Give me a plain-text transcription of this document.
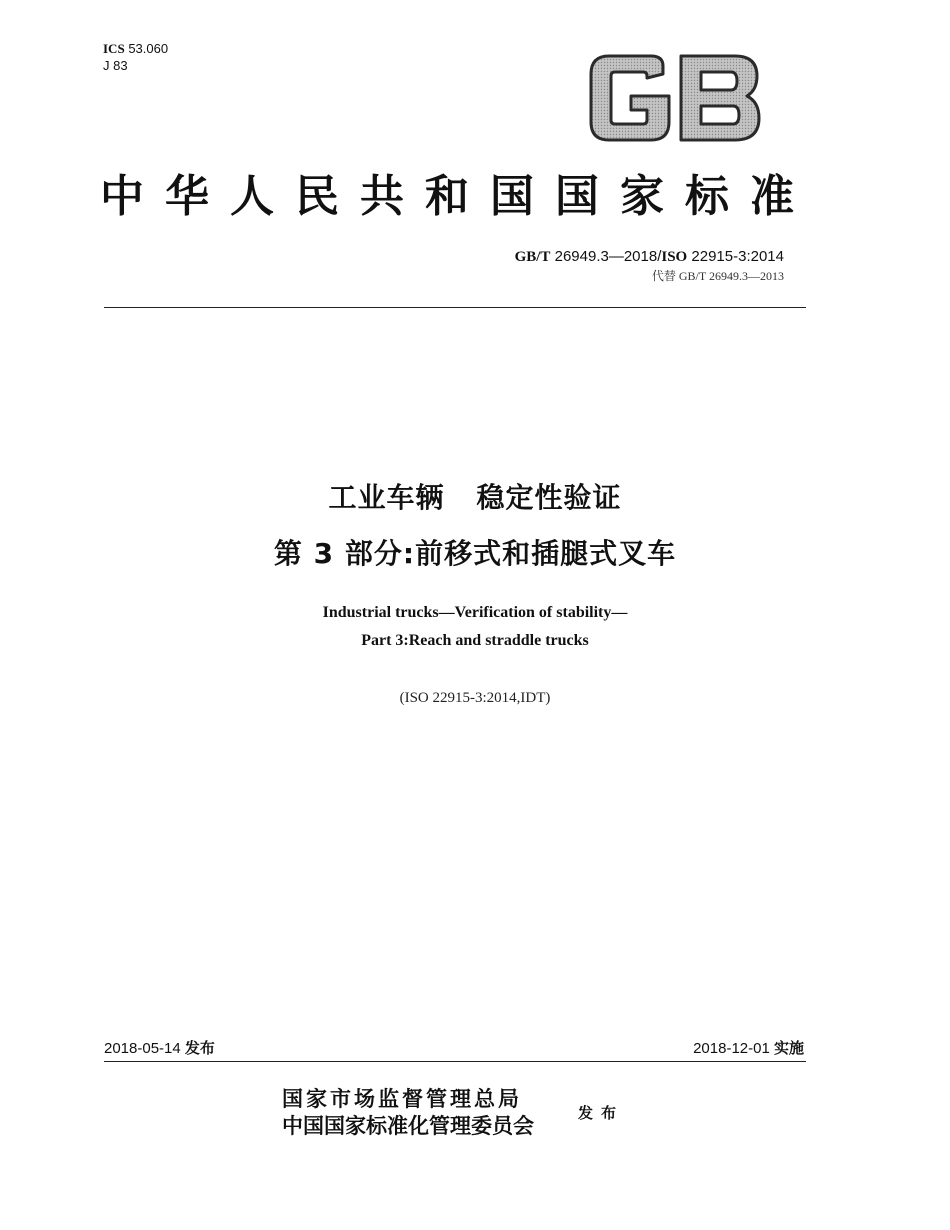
ICS 53.060
J 83
中华人民共和国国家标准
GB/T 26949.3—2018/ISO 22915-3:2014
代替 GB/T 26949.3—2013
工业车辆 稳定性验证
第 3 部分:前移式和插腿式叉车
Industrial trucks—Verification of stability—
Part 3:Reach and straddle trucks
(ISO 22915-3:2014,IDT)
2018-05-14 发布	2018-12-01 实施
国家市场监督管理总局
中国国家标准化管理委员会	发布
